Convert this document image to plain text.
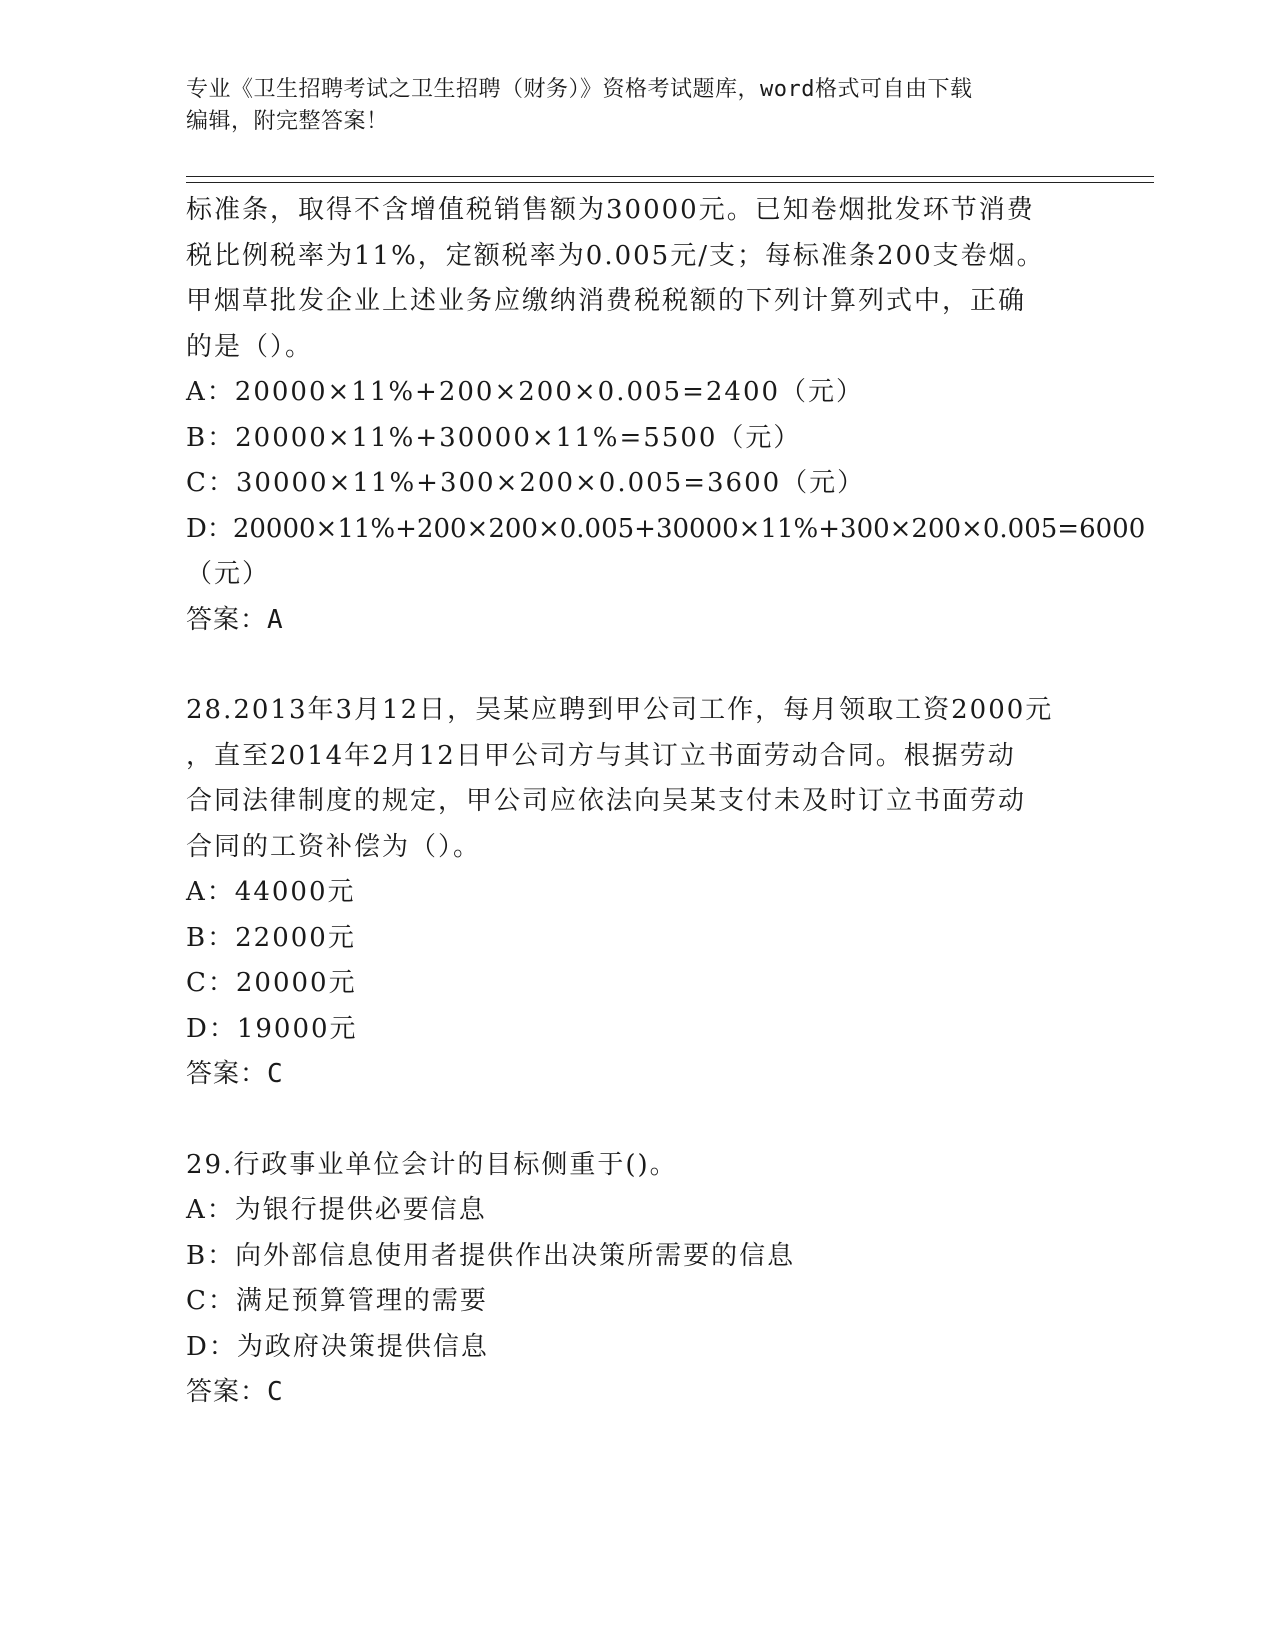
专业《卫生招聘考试之卫生招聘（财务）》资格考试题库，word格式可自由下载
编辑，附完整答案！
标准条，取得不含增值税销售额为30000元。已知卷烟批发环节消费
税比例税率为11%，定额税率为0.005元/支；每标准条200支卷烟。
甲烟草批发企业上述业务应缴纳消费税税额的下列计算列式中，正确
的是（）。
A：20000×11%+200×200×0.005=2400（元）
B：20000×11%+30000×11%=5500（元）
C：30000×11%+300×200×0.005=3600（元）
D：20000×11%+200×200×0.005+30000×11%+300×200×0.005=6000
（元）
答案：A
28.2013年3月12日，吴某应聘到甲公司工作，每月领取工资2000元
，直至2014年2月12日甲公司方与其订立书面劳动合同。根据劳动
合同法律制度的规定，甲公司应依法向吴某支付未及时订立书面劳动
合同的工资补偿为（）。
A：44000元
B：22000元
C：20000元
D：19000元
答案：C
29.行政事业单位会计的目标侧重于()。
A：为银行提供必要信息
B：向外部信息使用者提供作出决策所需要的信息
C：满足预算管理的需要
D：为政府决策提供信息
答案：C
